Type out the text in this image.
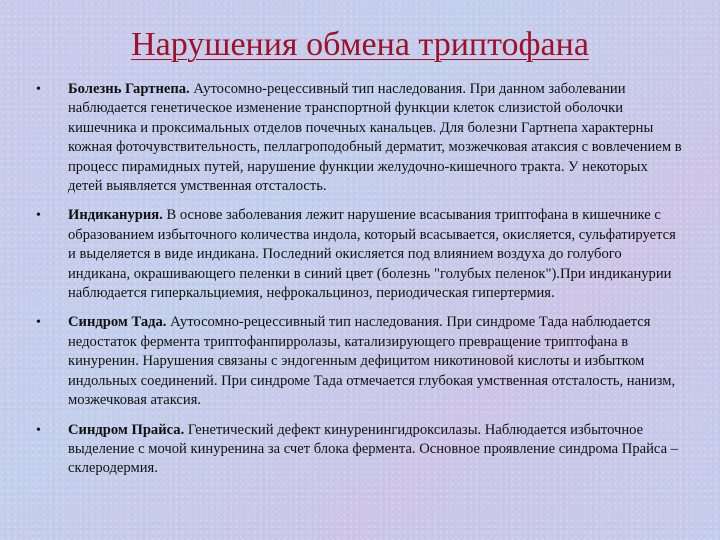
Нарушения обмена триптофана
•	Болезнь Гартнепа. Аутосомно-рецессивный тип наследования. При данном заболевании наблюдается генетическое изменение транспортной функции клеток слизистой оболочки кишечника и проксимальных отделов почечных канальцев. Для болезни Гартнепа характерны кожная фоточувствительность, пеллагроподобный дерматит, мозжечковая атаксия с вовлечением в процесс пирамидных путей, нарушение функции желудочно-кишечного тракта. У некоторых детей выявляется умственная отсталость.
•	Индиканурия. В основе заболевания лежит нарушение всасывания триптофана в кишечнике с образованием избыточного количества индола, который всасывается, окисляется, сульфатируется и выделяется в виде индикана. Последний окисляется под влиянием воздуха до голубого индикана, окрашивающего пеленки в синий цвет (болезнь "голубых пеленок").При индиканурии наблюдается гиперкальциемия, нефрокальциноз, периодическая гипертермия.
•	Синдром Тада. Аутосомно-рецессивный тип наследования. При синдроме Тада наблюдается недостаток фермента триптофанпирролазы, катализирующего превращение триптофана в кинуренин. Нарушения связаны с эндогенным дефицитом никотиновой кислоты и избытком индольных соединений. При синдроме Тада отмечается глубокая умственная отсталость, нанизм, мозжечковая атаксия.
•	Синдром Прайса. Генетический дефект кинуренингидроксилазы. Наблюдается избыточное выделение с мочой кинуренина за счет блока фермента. Основное проявление синдрома Прайса – склеродермия.
